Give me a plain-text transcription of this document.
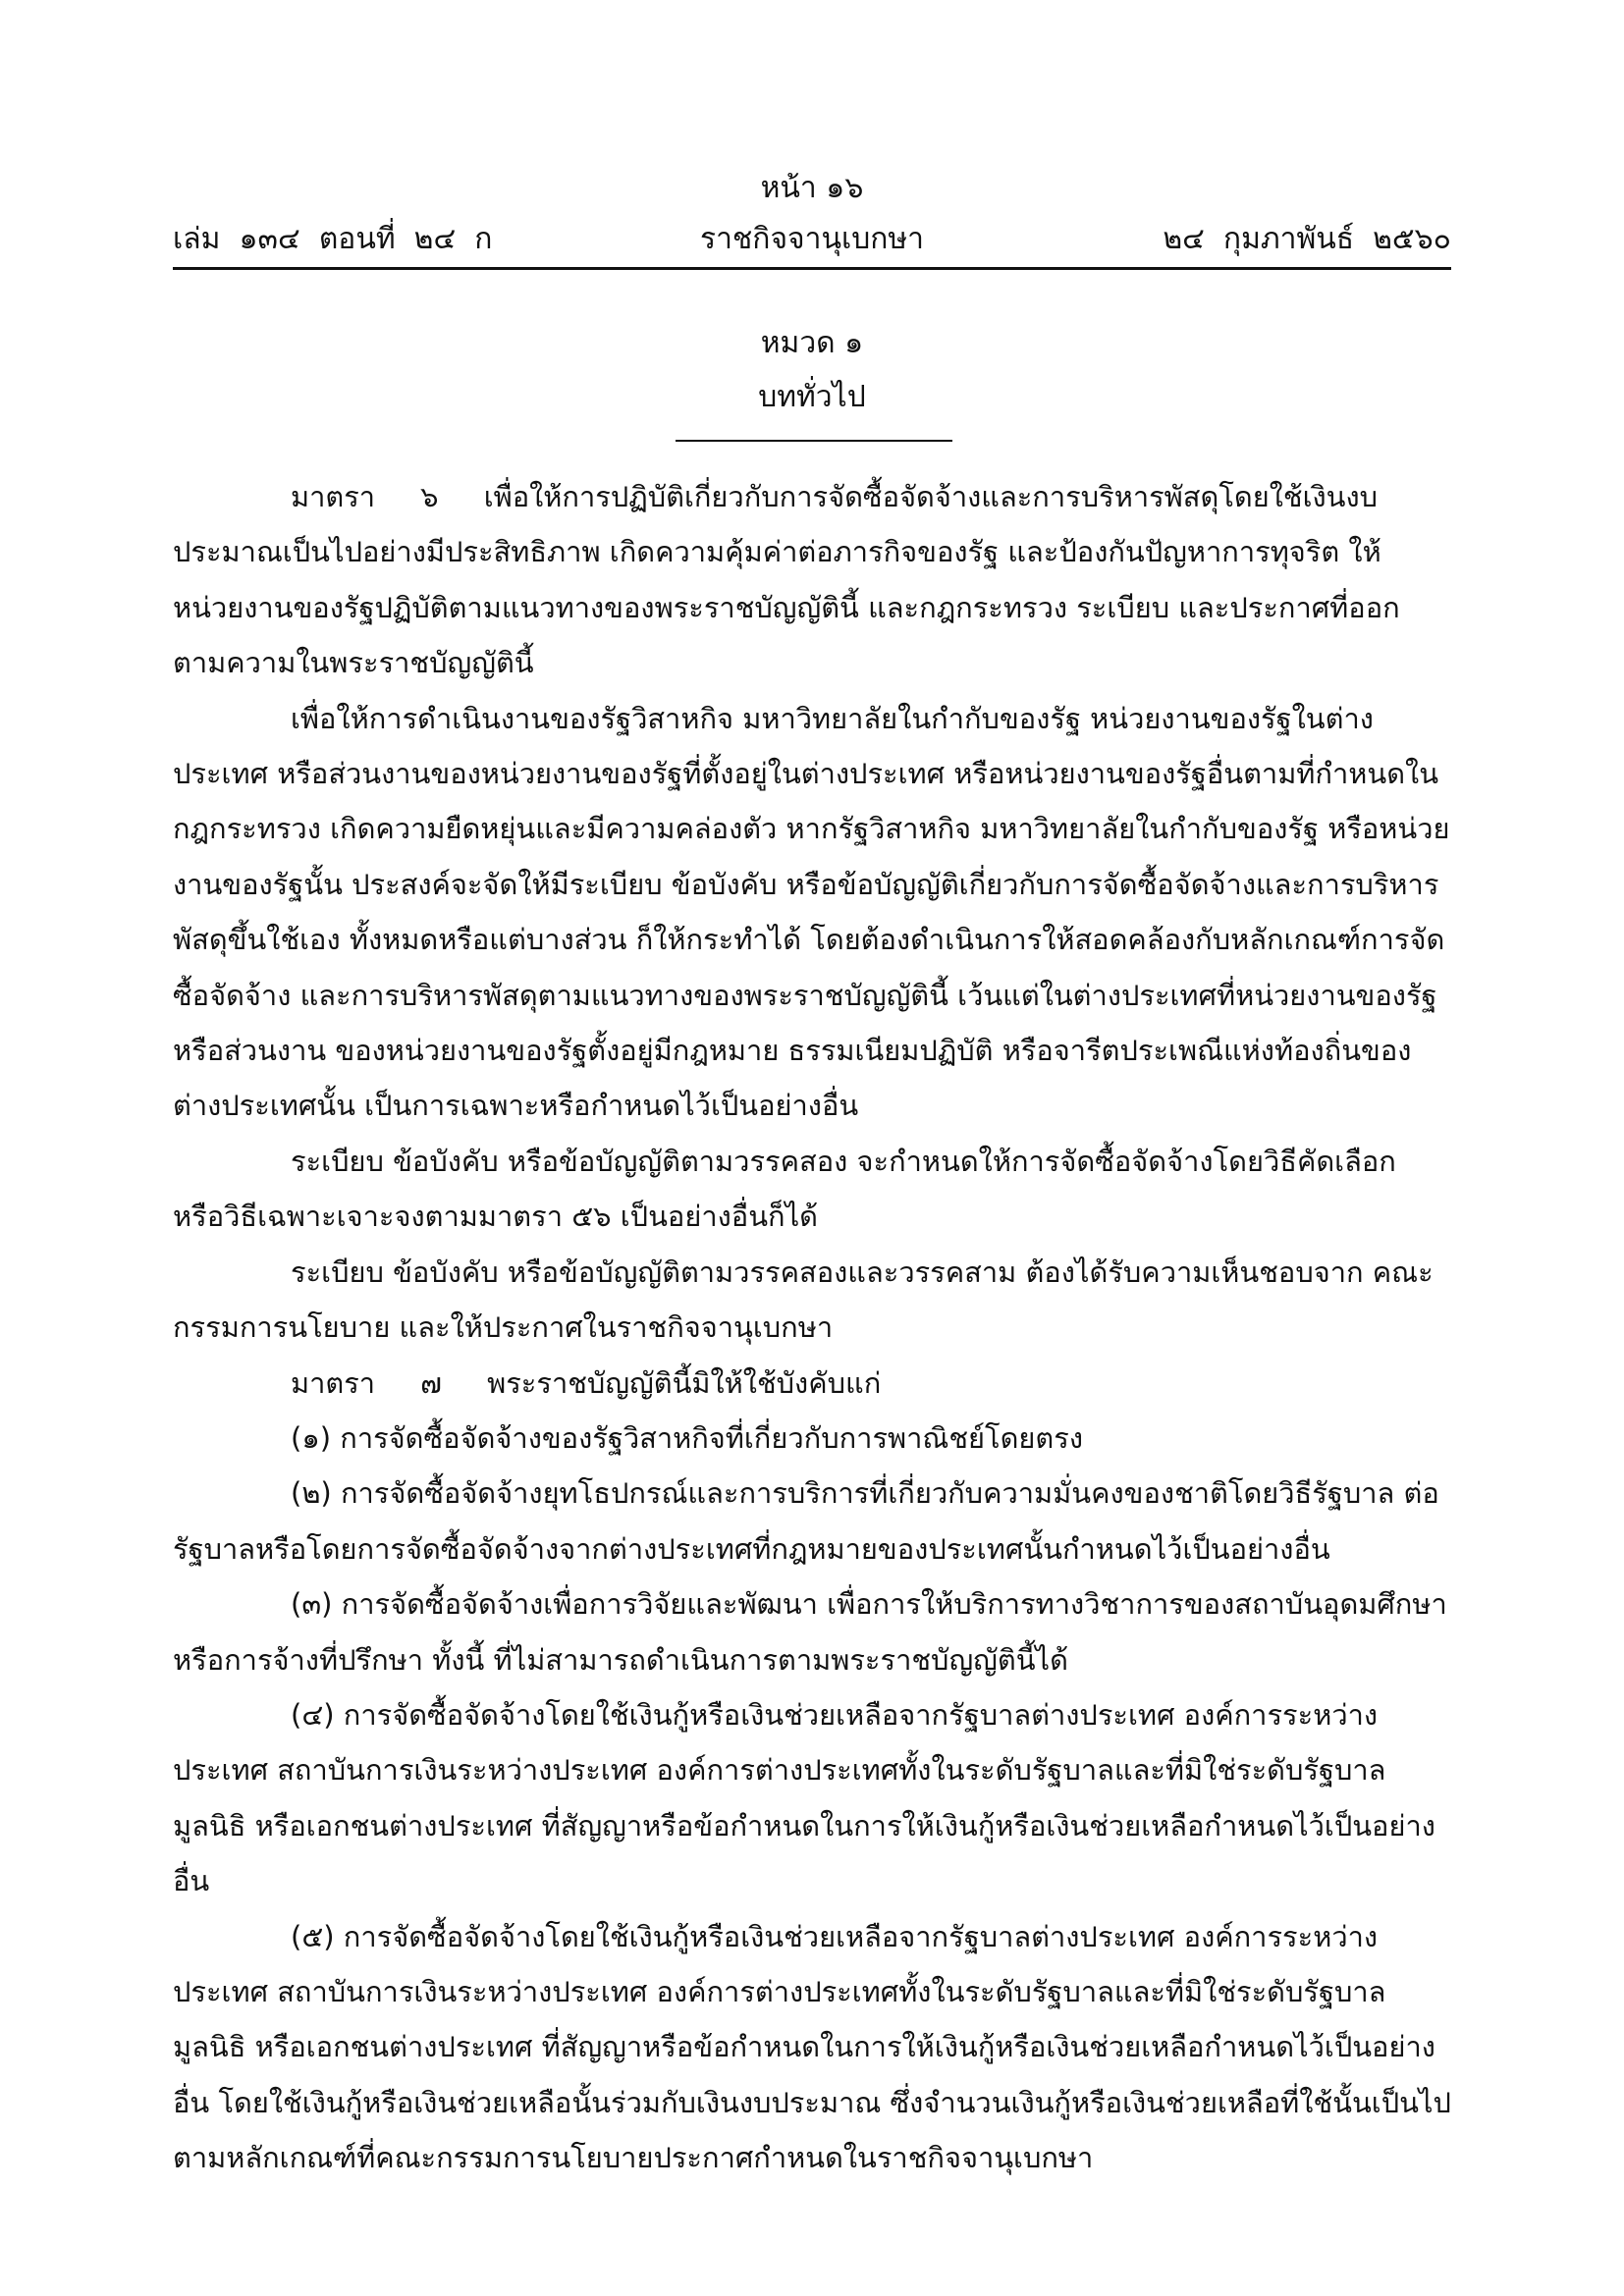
หน้า ๑๖
เล่ม  ๑๓๔  ตอนที่  ๒๔  ก	ราชกิจจานุเบกษา	๒๔  กุมภาพันธ์  ๒๕๖๐
หมวด ๑
บททั่วไป

มาตรา     ๖     เพื่อให้การปฏิบัติเกี่ยวกับการจัดซื้อจัดจ้างและการบริหารพัสดุโดยใช้เงินงบประมาณเป็นไปอย่างมีประสิทธิภาพ เกิดความคุ้มค่าต่อภารกิจของรัฐ และป้องกันปัญหาการทุจริต ให้หน่วยงานของรัฐปฏิบัติตามแนวทางของพระราชบัญญัตินี้ และกฎกระทรวง ระเบียบ และประกาศที่ออกตามความในพระราชบัญญัตินี้

เพื่อให้การดำเนินงานของรัฐวิสาหกิจ มหาวิทยาลัยในกำกับของรัฐ หน่วยงานของรัฐในต่างประเทศ หรือส่วนงานของหน่วยงานของรัฐที่ตั้งอยู่ในต่างประเทศ หรือหน่วยงานของรัฐอื่นตามที่กำหนดในกฎกระทรวง เกิดความยืดหยุ่นและมีความคล่องตัว หากรัฐวิสาหกิจ มหาวิทยาลัยในกำกับของรัฐ หรือหน่วยงานของรัฐนั้น ประสงค์จะจัดให้มีระเบียบ ข้อบังคับ หรือข้อบัญญัติเกี่ยวกับการจัดซื้อจัดจ้างและการบริหารพัสดุขึ้นใช้เอง ทั้งหมดหรือแต่บางส่วน ก็ให้กระทำได้ โดยต้องดำเนินการให้สอดคล้องกับหลักเกณฑ์การจัดซื้อจัดจ้าง และการบริหารพัสดุตามแนวทางของพระราชบัญญัตินี้ เว้นแต่ในต่างประเทศที่หน่วยงานของรัฐหรือส่วนงาน ของหน่วยงานของรัฐตั้งอยู่มีกฎหมาย ธรรมเนียมปฏิบัติ หรือจารีตประเพณีแห่งท้องถิ่นของต่างประเทศนั้น เป็นการเฉพาะหรือกำหนดไว้เป็นอย่างอื่น

ระเบียบ ข้อบังคับ หรือข้อบัญญัติตามวรรคสอง จะกำหนดให้การจัดซื้อจัดจ้างโดยวิธีคัดเลือก หรือวิธีเฉพาะเจาะจงตามมาตรา ๕๖ เป็นอย่างอื่นก็ได้

ระเบียบ ข้อบังคับ หรือข้อบัญญัติตามวรรคสองและวรรคสาม ต้องได้รับความเห็นชอบจาก คณะกรรมการนโยบาย และให้ประกาศในราชกิจจานุเบกษา

มาตรา     ๗     พระราชบัญญัตินี้มิให้ใช้บังคับแก่

(๑) การจัดซื้อจัดจ้างของรัฐวิสาหกิจที่เกี่ยวกับการพาณิชย์โดยตรง

(๒) การจัดซื้อจัดจ้างยุทโธปกรณ์และการบริการที่เกี่ยวกับความมั่นคงของชาติโดยวิธีรัฐบาล ต่อรัฐบาลหรือโดยการจัดซื้อจัดจ้างจากต่างประเทศที่กฎหมายของประเทศนั้นกำหนดไว้เป็นอย่างอื่น

(๓) การจัดซื้อจัดจ้างเพื่อการวิจัยและพัฒนา เพื่อการให้บริการทางวิชาการของสถาบันอุดมศึกษา หรือการจ้างที่ปรึกษา ทั้งนี้ ที่ไม่สามารถดำเนินการตามพระราชบัญญัตินี้ได้

(๔) การจัดซื้อจัดจ้างโดยใช้เงินกู้หรือเงินช่วยเหลือจากรัฐบาลต่างประเทศ องค์การระหว่างประเทศ สถาบันการเงินระหว่างประเทศ องค์การต่างประเทศทั้งในระดับรัฐบาลและที่มิใช่ระดับรัฐบาล มูลนิธิ หรือเอกชนต่างประเทศ ที่สัญญาหรือข้อกำหนดในการให้เงินกู้หรือเงินช่วยเหลือกำหนดไว้เป็นอย่างอื่น

(๕) การจัดซื้อจัดจ้างโดยใช้เงินกู้หรือเงินช่วยเหลือจากรัฐบาลต่างประเทศ องค์การระหว่างประเทศ สถาบันการเงินระหว่างประเทศ องค์การต่างประเทศทั้งในระดับรัฐบาลและที่มิใช่ระดับรัฐบาล มูลนิธิ หรือเอกชนต่างประเทศ ที่สัญญาหรือข้อกำหนดในการให้เงินกู้หรือเงินช่วยเหลือกำหนดไว้เป็นอย่างอื่น โดยใช้เงินกู้หรือเงินช่วยเหลือนั้นร่วมกับเงินงบประมาณ ซึ่งจำนวนเงินกู้หรือเงินช่วยเหลือที่ใช้นั้นเป็นไป ตามหลักเกณฑ์ที่คณะกรรมการนโยบายประกาศกำหนดในราชกิจจานุเบกษา
